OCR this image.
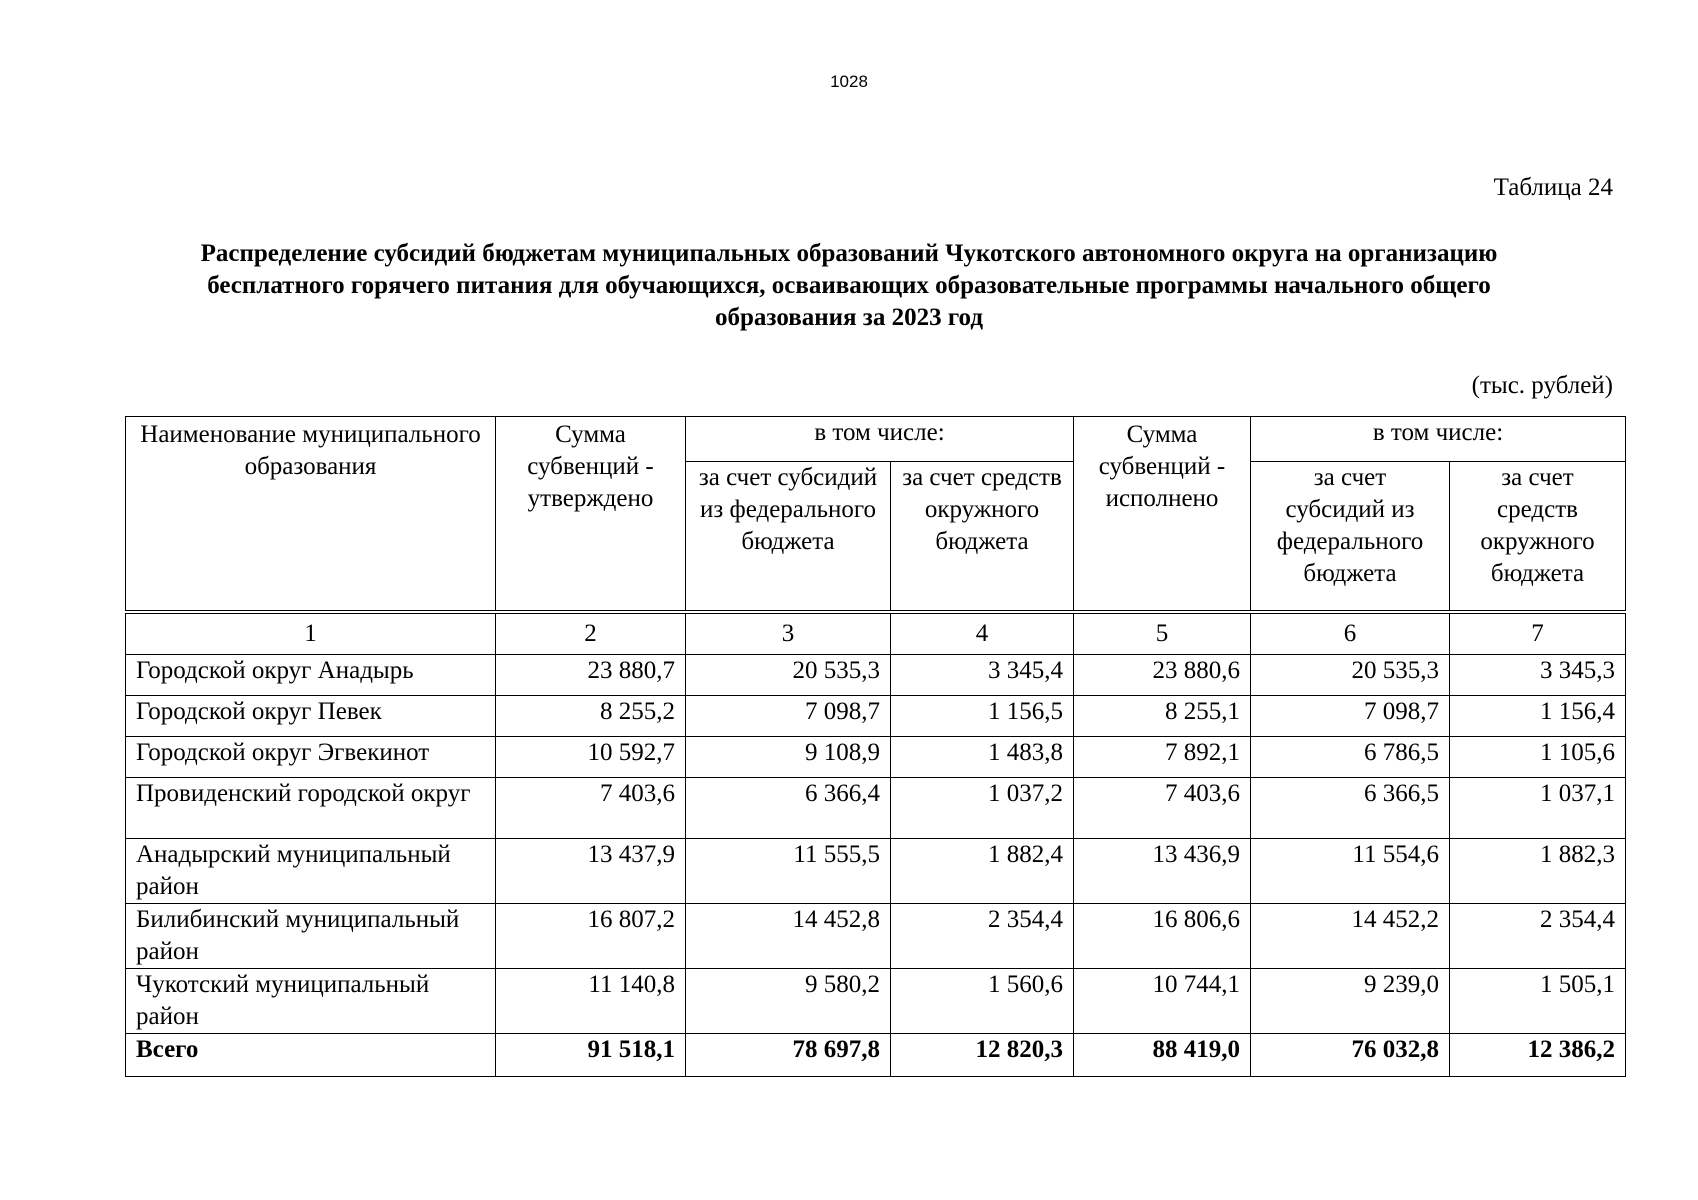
1028
Таблица 24
Распределение субсидий бюджетам муниципальных образований Чукотского автономного округа на организацию бесплатного горячего питания для обучающихся, осваивающих образовательные программы начального общего образования за 2023 год
(тыс. рублей)
Наименование муниципального образования	Сумма субвенций - утверждено	в том числе:		Сумма субвенций - исполнено	в том числе:	
		за счет субсидий из федерального бюджета	за счет средств окружного бюджета		за счет субсидий из федерального бюджета	за счет средств окружного бюджета

1	2	3	4	5	6	7
Городской округ Анадырь	23 880,7	20 535,3	3 345,4	23 880,6	20 535,3	3 345,3
Городской округ Певек	8 255,2	7 098,7	1 156,5	8 255,1	7 098,7	1 156,4
Городской округ Эгвекинот	10 592,7	9 108,9	1 483,8	7 892,1	6 786,5	1 105,6
Провиденский городской округ	7 403,6	6 366,4	1 037,2	7 403,6	6 366,5	1 037,1
Анадырский муниципальный район	13 437,9	11 555,5	1 882,4	13 436,9	11 554,6	1 882,3
Билибинский муниципальный район	16 807,2	14 452,8	2 354,4	16 806,6	14 452,2	2 354,4
Чукотский муниципальный район	11 140,8	9 580,2	1 560,6	10 744,1	9 239,0	1 505,1
Всего	91 518,1	78 697,8	12 820,3	88 419,0	76 032,8	12 386,2
